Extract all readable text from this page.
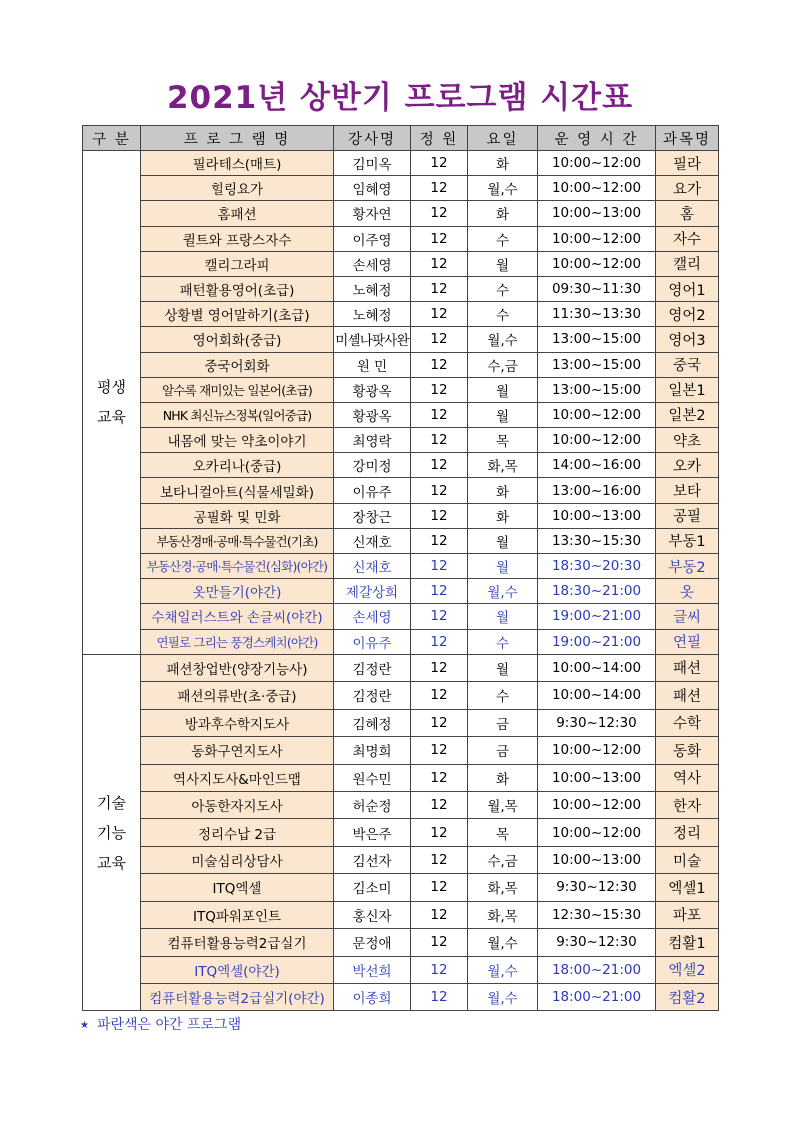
2021년 상반기 프로그램 시간표
구 분	프 로 그 램 명	강사명	정 원	요일	운 영 시 간	과목명
평생
교육	필라테스(매트)	김미옥	12	화	10:00~12:00	필라
	힐링요가	임혜영	12	월,수	10:00~12:00	요가
	홈패션	황자연	12	화	10:00~13:00	홈
	퀼트와 프랑스자수	이주영	12	수	10:00~12:00	자수
	캘리그라피	손세영	12	월	10:00~12:00	캘리
	패턴활용영어(초급)	노혜정	12	수	09:30~11:30	영어1
	상황별 영어말하기(초급)	노혜정	12	수	11:30~13:30	영어2
	영어회화(중급)	미셸나팟사완	12	월,수	13:00~15:00	영어3
	중국어회화	원 민	12	수,금	13:00~15:00	중국
	알수록 재미있는 일본어(초급)	황광옥	12	월	13:00~15:00	일본1
	NHK 최신뉴스정복(일어중급)	황광옥	12	월	10:00~12:00	일본2
	내몸에 맞는 약초이야기	최영락	12	목	10:00~12:00	약초
	오카리나(중급)	강미정	12	화,목	14:00~16:00	오카
	보타니컬아트(식물세밀화)	이유주	12	화	13:00~16:00	보타
	공필화 및 민화	장창근	12	화	10:00~13:00	공필
	부동산경매·공매·특수물건(기초)	신재호	12	월	13:30~15:30	부동1
	부동산경·공매·특수물건(심화)(야간)	신재호	12	월	18:30~20:30	부동2
	옷만들기(야간)	제갈상희	12	월,수	18:30~21:00	옷
	수채일러스트와 손글씨(야간)	손세영	12	월	19:00~21:00	글씨
	연필로 그리는 풍경스케치(야간)	이유주	12	수	19:00~21:00	연필
기술
기능
교육	패션창업반(양장기능사)	김정란	12	월	10:00~14:00	패션
	패션의류반(초·중급)	김정란	12	수	10:00~14:00	패션
	방과후수학지도사	김혜정	12	금	9:30~12:30	수학
	동화구연지도사	최명희	12	금	10:00~12:00	동화
	역사지도사&마인드맵	원수민	12	화	10:00~13:00	역사
	아동한자지도사	허순정	12	월,목	10:00~12:00	한자
	정리수납 2급	박은주	12	목	10:00~12:00	정리
	미술심리상담사	김선자	12	수,금	10:00~13:00	미술
	ITQ엑셀	김소미	12	화,목	9:30~12:30	엑셀1
	ITQ파워포인트	홍신자	12	화,목	12:30~15:30	파포
	컴퓨터활용능력2급실기	문정애	12	월,수	9:30~12:30	컴활1
	ITQ엑셀(야간)	박선희	12	월,수	18:00~21:00	엑셀2
	컴퓨터활용능력2급실기(야간)	이종희	12	월,수	18:00~21:00	컴활2
★ 파란색은 야간 프로그램
